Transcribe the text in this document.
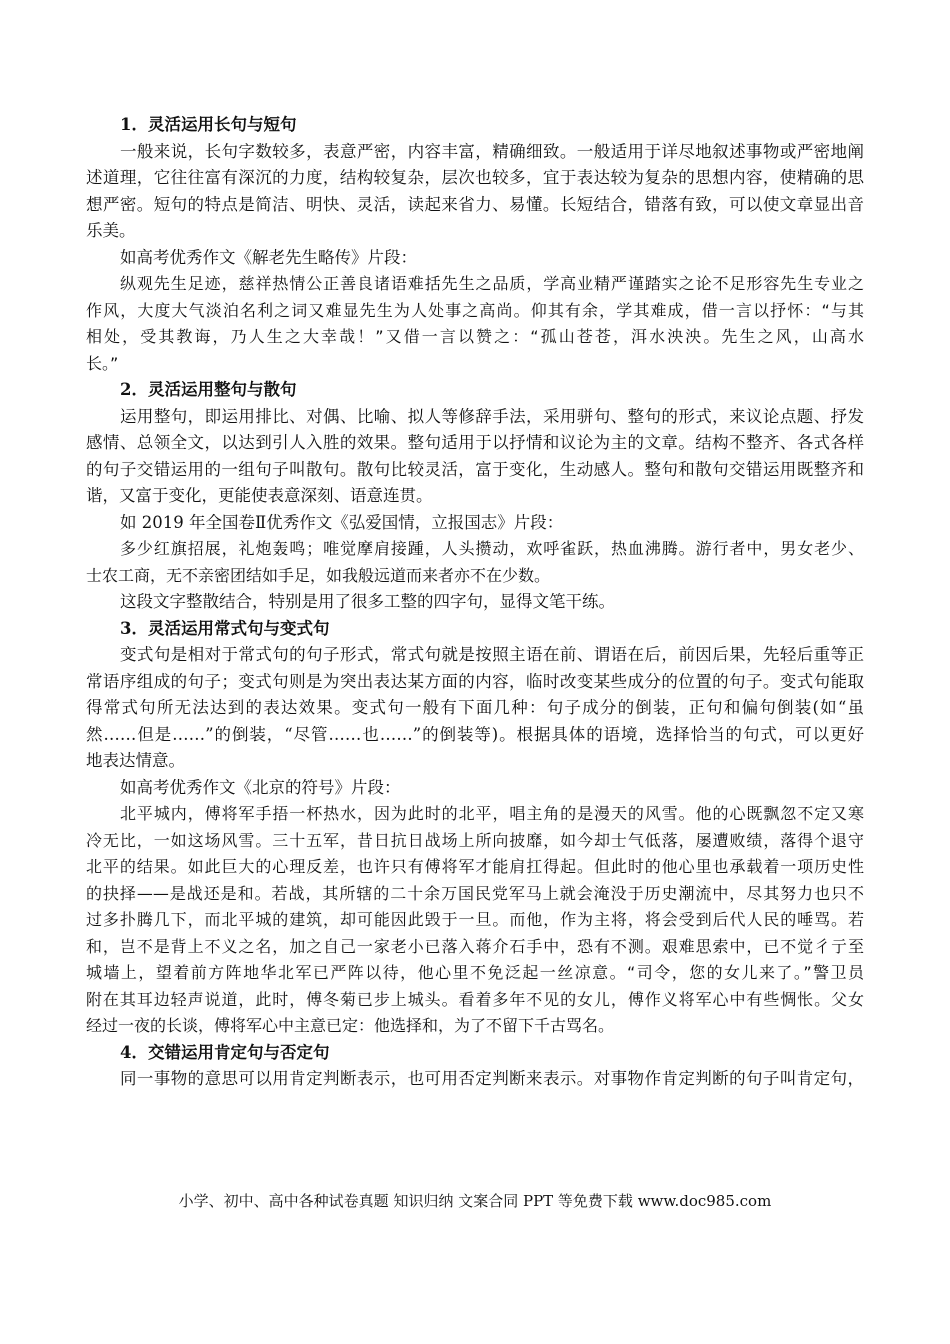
1．灵活运用长句与短句

一般来说，长句字数较多，表意严密，内容丰富，精确细致。一般适用于详尽地叙述事物或严密地阐

述道理，它往往富有深沉的力度，结构较复杂，层次也较多，宜于表达较为复杂的思想内容，使精确的思

想严密。短句的特点是简洁、明快、灵活，读起来省力、易懂。长短结合，错落有致，可以使文章显出音

乐美。

如高考优秀作文《解老先生略传》片段：

纵观先生足迹，慈祥热情公正善良诸语难括先生之品质，学高业精严谨踏实之论不足形容先生专业之

作风，大度大气淡泊名利之词又难显先生为人处事之高尚。仰其有余，学其难成，借一言以抒怀：“与其

相处，受其教诲，乃人生之大幸哉！”又借一言以赞之：“孤山苍苍，洱水泱泱。先生之风，山高水

长。”

2．灵活运用整句与散句

运用整句，即运用排比、对偶、比喻、拟人等修辞手法，采用骈句、整句的形式，来议论点题、抒发

感情、总领全文，以达到引人入胜的效果。整句适用于以抒情和议论为主的文章。结构不整齐、各式各样

的句子交错运用的一组句子叫散句。散句比较灵活，富于变化，生动感人。整句和散句交错运用既整齐和

谐，又富于变化，更能使表意深刻、语意连贯。

如 2019 年全国卷Ⅱ优秀作文《弘爱国情，立报国志》片段：

多少红旗招展，礼炮轰鸣；唯觉摩肩接踵，人头攒动，欢呼雀跃，热血沸腾。游行者中，男女老少、

士农工商，无不亲密团结如手足，如我般远道而来者亦不在少数。

这段文字整散结合，特别是用了很多工整的四字句，显得文笔干练。

3．灵活运用常式句与变式句

变式句是相对于常式句的句子形式，常式句就是按照主语在前、谓语在后，前因后果，先轻后重等正

常语序组成的句子；变式句则是为突出表达某方面的内容，临时改变某些成分的位置的句子。变式句能取

得常式句所无法达到的表达效果。变式句一般有下面几种：句子成分的倒装，正句和偏句倒装(如“虽

然……但是……”的倒装，“尽管……也……”的倒装等)。根据具体的语境，选择恰当的句式，可以更好

地表达情意。

如高考优秀作文《北京的符号》片段：

北平城内，傅将军手捂一杯热水，因为此时的北平，唱主角的是漫天的风雪。他的心既飘忽不定又寒

冷无比，一如这场风雪。三十五军，昔日抗日战场上所向披靡，如今却士气低落，屡遭败绩，落得个退守

北平的结果。如此巨大的心理反差，也许只有傅将军才能肩扛得起。但此时的他心里也承载着一项历史性

的抉择——是战还是和。若战，其所辖的二十余万国民党军马上就会淹没于历史潮流中，尽其努力也只不

过多扑腾几下，而北平城的建筑，却可能因此毁于一旦。而他，作为主将，将会受到后代人民的唾骂。若

和，岂不是背上不义之名，加之自己一家老小已落入蒋介石手中，恐有不测。艰难思索中，已不觉彳亍至

城墙上，望着前方阵地华北军已严阵以待，他心里不免泛起一丝凉意。“司令，您的女儿来了。”警卫员

附在其耳边轻声说道，此时，傅冬菊已步上城头。看着多年不见的女儿，傅作义将军心中有些惆怅。父女

经过一夜的长谈，傅将军心中主意已定：他选择和，为了不留下千古骂名。

4．交错运用肯定句与否定句

同一事物的意思可以用肯定判断表示，也可用否定判断来表示。对事物作肯定判断的句子叫肯定句，

小学、初中、高中各种试卷真题 知识归纳 文案合同 PPT 等免费下载 www.doc985.com
